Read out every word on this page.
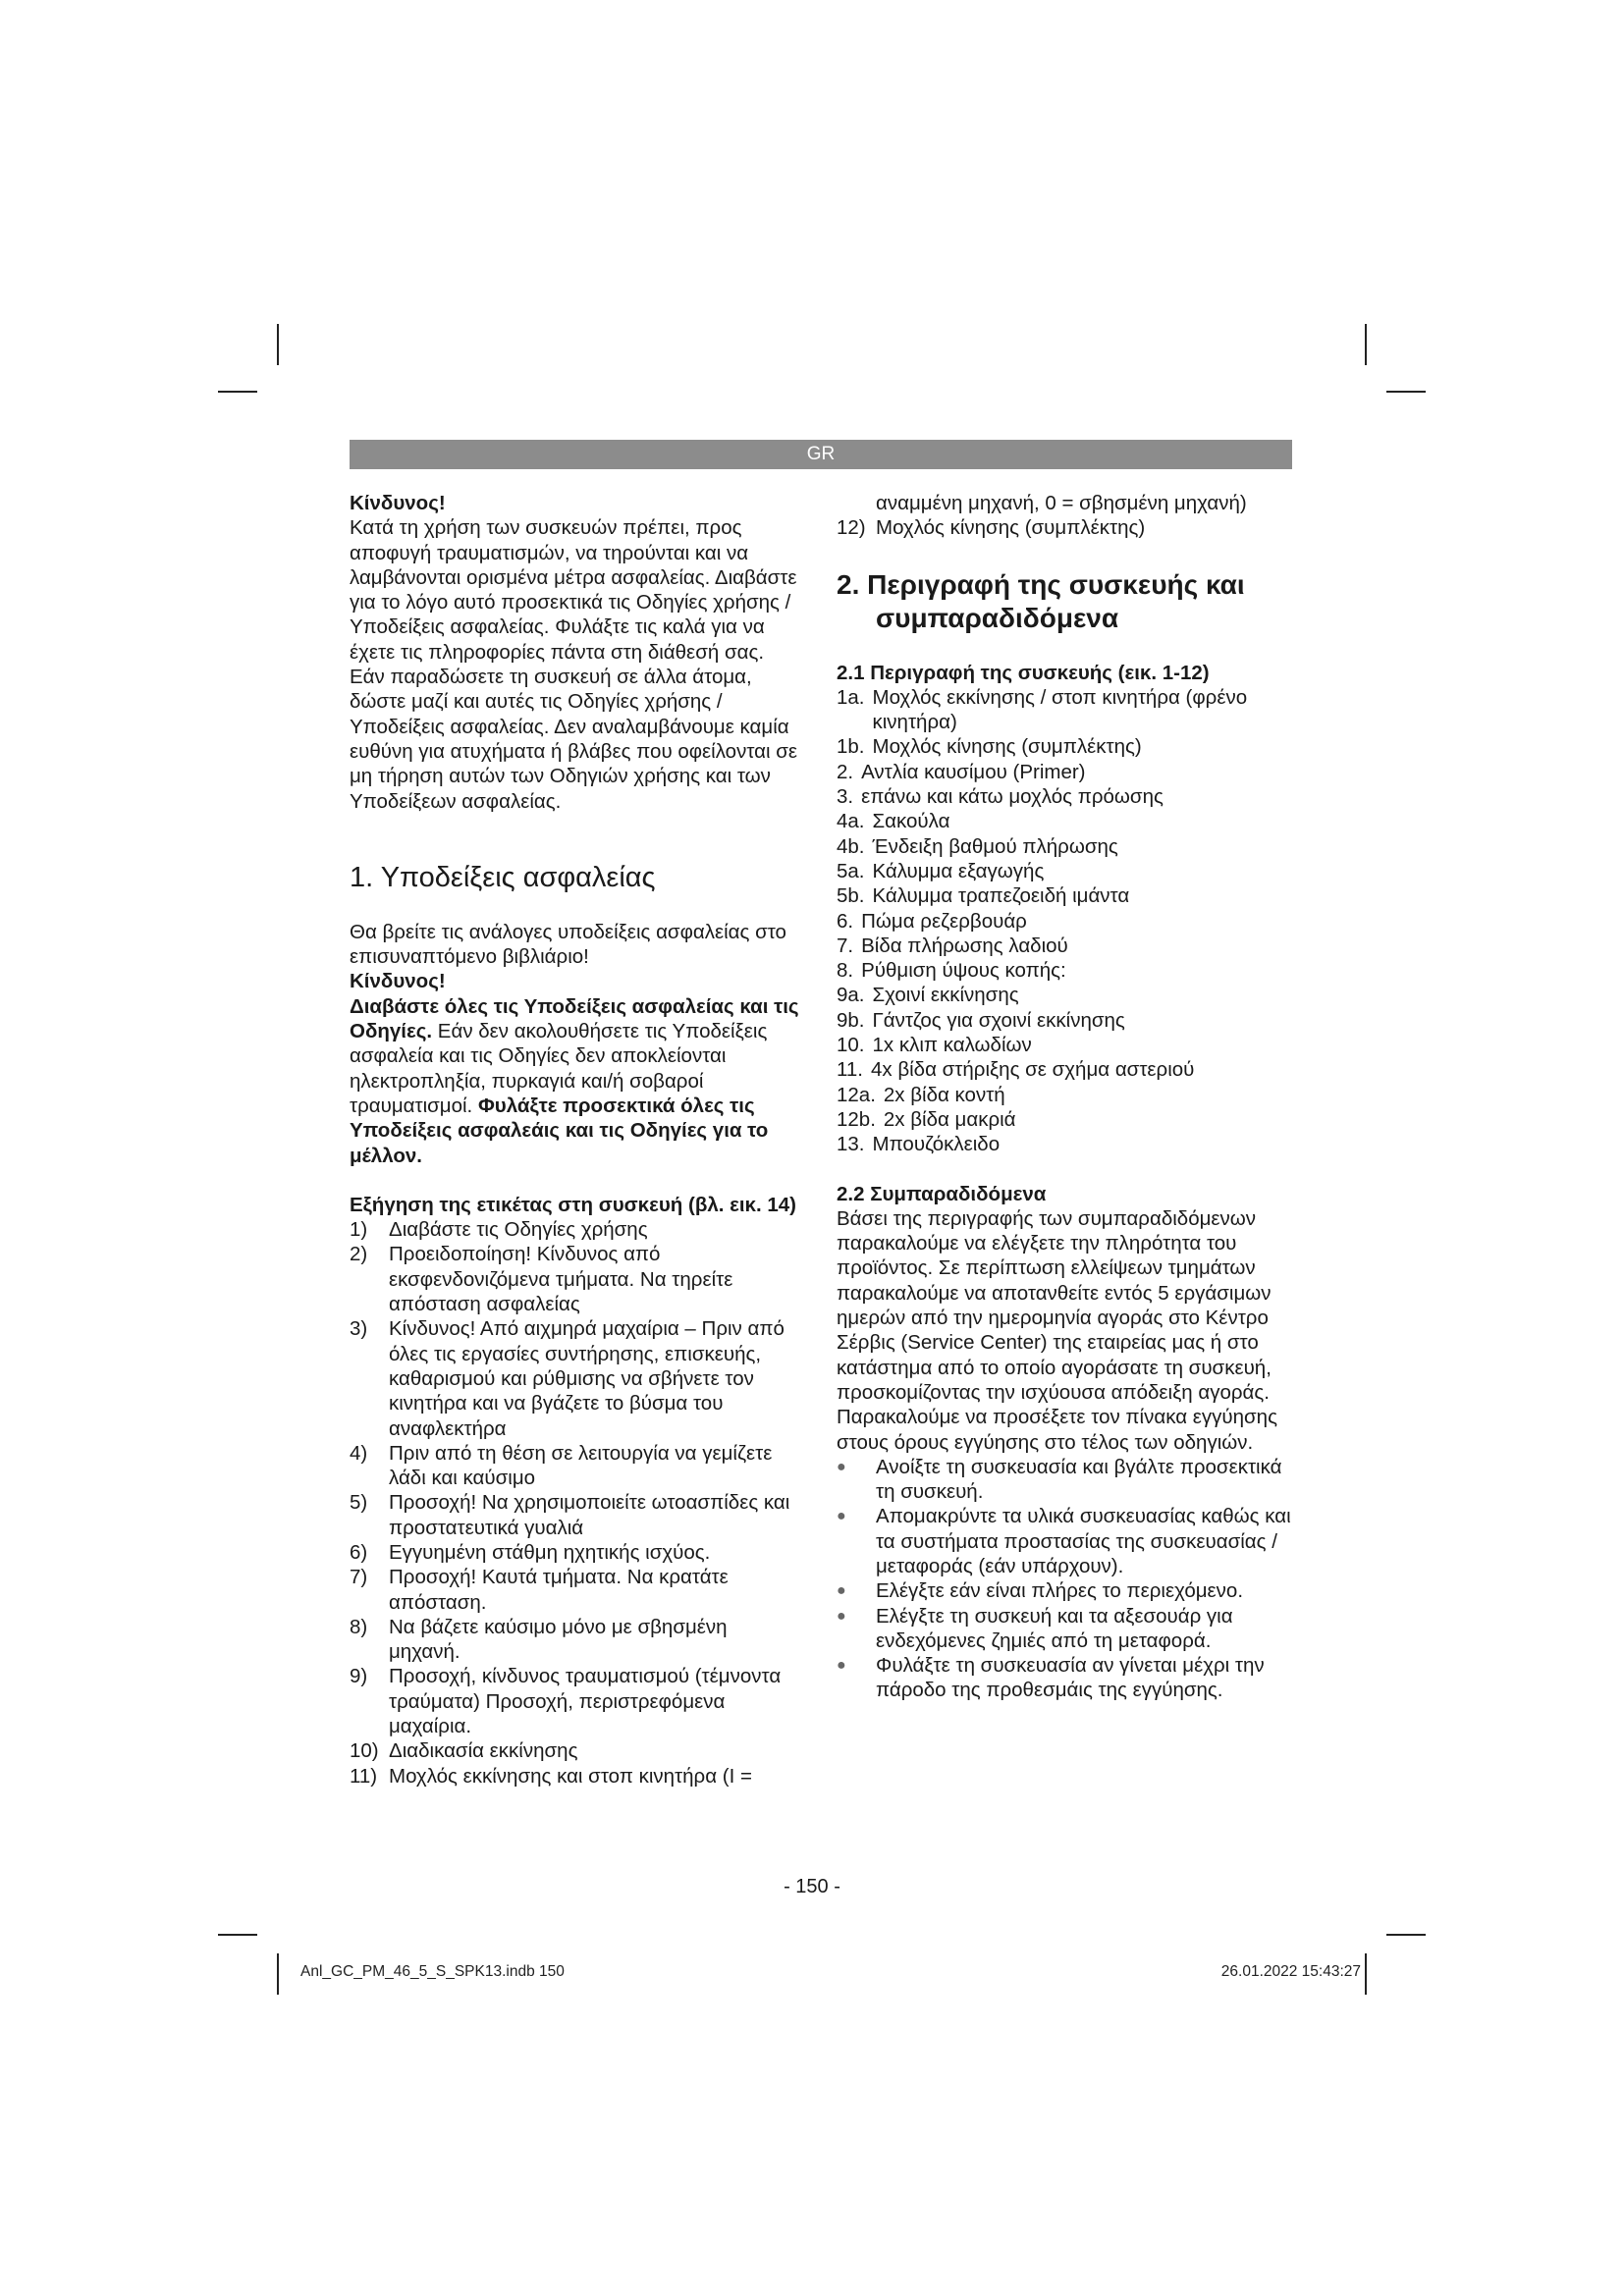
GR

Κίνδυνος!

Κατά τη χρήση των συσκευών πρέπει, προς αποφυγή τραυματισμών, να τηρούνται και να λαμβάνονται ορισμένα μέτρα ασφαλείας. Διαβάστε για το λόγο αυτό προσεκτικά τις Οδηγίες χρήσης / Υποδείξεις ασφαλείας. Φυλάξτε τις καλά για να έχετε τις πληροφορίες πάντα στη διάθεσή σας. Εάν παραδώσετε τη συσκευή σε άλλα άτομα, δώστε μαζί και αυτές τις Οδηγίες χρήσης / Υποδείξεις ασφαλείας. Δεν αναλαμβάνουμε καμία ευθύνη για ατυχήματα ή βλάβες που οφείλονται σε μη τήρηση αυτών των Οδηγιών χρήσης και των Υποδείξεων ασφαλείας.

1. Υποδείξεις ασφαλείας

Θα βρείτε τις ανάλογες υποδείξεις ασφαλείας στο επισυναπτόμενο βιβλιάριο!

Κίνδυνος!

Διαβάστε όλες τις Υποδείξεις ασφαλείας και τις Οδηγίες. Εάν δεν ακολουθήσετε τις Υποδείξεις ασφαλεία και τις Οδηγίες δεν αποκλείονται ηλεκτροπληξία, πυρκαγιά και/ή σοβαροί τραυματισμοί. Φυλάξτε προσεκτικά όλες τις Υποδείξεις ασφαλεάις και τις Οδηγίες για το μέλλον.

Εξήγηση της ετικέτας στη συσκευή (βλ. εικ. 14)

1)	Διαβάστε τις Οδηγίες χρήσης
2)	Προειδοποίηση! Κίνδυνος από εκσφενδονιζόμενα τμήματα. Να τηρείτε απόσταση ασφαλείας
3)	Κίνδυνος! Από αιχμηρά μαχαίρια – Πριν από όλες τις εργασίες συντήρησης, επισκευής, καθαρισμού και ρύθμισης να σβήνετε τον κινητήρα και να βγάζετε το βύσμα του αναφλεκτήρα
4)	Πριν από τη θέση σε λειτουργία να γεμίζετε λάδι και καύσιμο
5)	Προσοχή! Να χρησιμοποιείτε ωτοασπίδες και προστατευτικά γυαλιά
6)	Εγγυημένη στάθμη ηχητικής ισχύος.
7)	Προσοχή! Καυτά τμήματα. Να κρατάτε απόσταση.
8)	Να βάζετε καύσιμο μόνο με σβησμένη μηχανή.
9)	Προσοχή, κίνδυνος τραυματισμού (τέμνοντα τραύματα) Προσοχή, περιστρεφόμενα μαχαίρια.
10) Διαδικασία εκκίνησης
11) Μοχλός εκκίνησης και στοπ κινητήρα (I =

αναμμένη μηχανή, 0 = σβησμένη μηχανή)

12) Μοχλός κίνησης (συμπλέκτης)
2. Περιγραφή της συσκευής και συμπαραδιδόμενα

2.1 Περιγραφή της συσκευής (εικ. 1-12)

1a. Μοχλός εκκίνησης / στοπ κινητήρα (φρένο κινητήρα)
1b. Μοχλός κίνησης (συμπλέκτης)
2. Αντλία καυσίμου (Primer)
3. επάνω και κάτω μοχλός πρόωσης
4a. Σακούλα
4b. Ένδειξη βαθμού πλήρωσης
5a. Κάλυμμα εξαγωγής
5b. Κάλυμμα τραπεζοειδή ιμάντα
6. Πώμα ρεζερβουάρ
7. Βίδα πλήρωσης λαδιού
8. Ρύθμιση ύψους κοπής:
9a. Σχοινί εκκίνησης
9b. Γάντζος για σχοινί εκκίνησης
10. 1x κλιπ καλωδίων
11. 4x βίδα στήριξης σε σχήμα αστεριού
12a. 2x βίδα κοντή
12b. 2x βίδα μακριά
13. Μπουζόκλειδο

2.2 Συμπαραδιδόμενα

Βάσει της περιγραφής των συμπαραδιδόμενων παρακαλούμε να ελέγξετε την πληρότητα του προϊόντος. Σε περίπτωση ελλείψεων τμημάτων παρακαλούμε να αποτανθείτε εντός 5 εργάσιμων ημερών από την ημερομηνία αγοράς στο Κέντρο Σέρβις (Service Center) της εταιρείας μας ή στο κατάστημα από το οποίο αγοράσατε τη συσκευή, προσκομίζοντας την ισχύουσα απόδειξη αγοράς. Παρακαλούμε να προσέξετε τον πίνακα εγγύησης στους όρους εγγύησης στο τέλος των οδηγιών.

●	Ανοίξτε τη συσκευασία και βγάλτε προσεκτικά τη συσκευή.
●	Απομακρύντε τα υλικά συσκευασίας καθώς και τα συστήματα προστασίας της συσκευασίας / μεταφοράς (εάν υπάρχουν).
●	Ελέγξτε εάν είναι πλήρες το περιεχόμενο.
●	Ελέγξτε τη συσκευή και τα αξεσουάρ για ενδεχόμενες ζημιές από τη μεταφορά.
●	Φυλάξτε τη συσκευασία αν γίνεται μέχρι την πάροδο της προθεσμάις της εγγύησης.
- 150 -
Anl_GC_PM_46_5_S_SPK13.indb 150	26.01.2022 15:43:27
